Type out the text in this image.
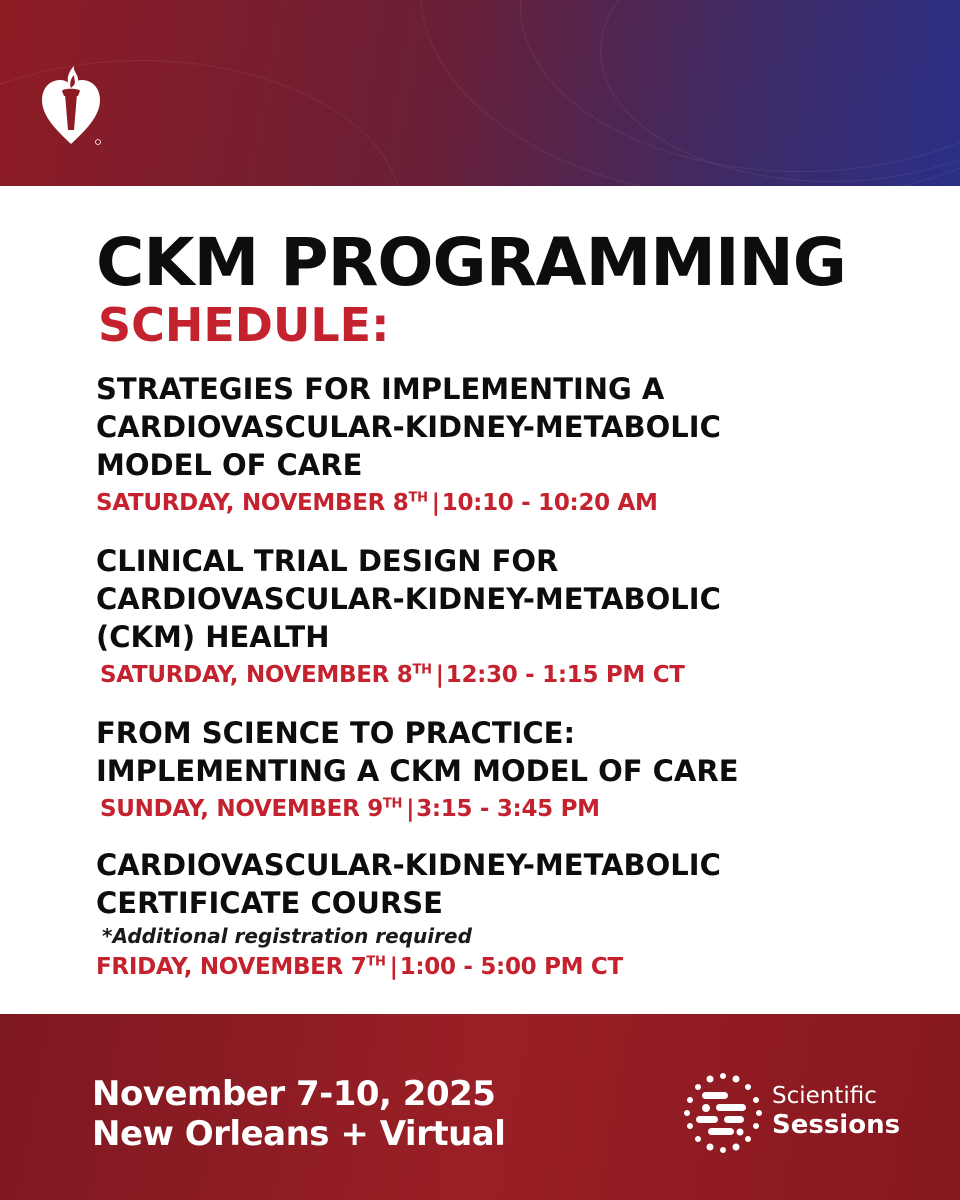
CKM PROGRAMMING
SCHEDULE:
STRATEGIES FOR IMPLEMENTING A
CARDIOVASCULAR-KIDNEY-METABOLIC
MODEL OF CARE
SATURDAY, NOVEMBER 8TH |10:10 - 10:20 AM
CLINICAL TRIAL DESIGN FOR
CARDIOVASCULAR-KIDNEY-METABOLIC
(CKM) HEALTH
SATURDAY, NOVEMBER 8TH |12:30 - 1:15 PM CT
FROM SCIENCE TO PRACTICE:
IMPLEMENTING A CKM MODEL OF CARE
SUNDAY, NOVEMBER 9TH |3:15 - 3:45 PM
CARDIOVASCULAR-KIDNEY-METABOLIC
CERTIFICATE COURSE
*Additional registration required
FRIDAY, NOVEMBER 7TH |1:00 - 5:00 PM CT
November 7-10, 2025
New Orleans + Virtual
Scientific
Sessions
